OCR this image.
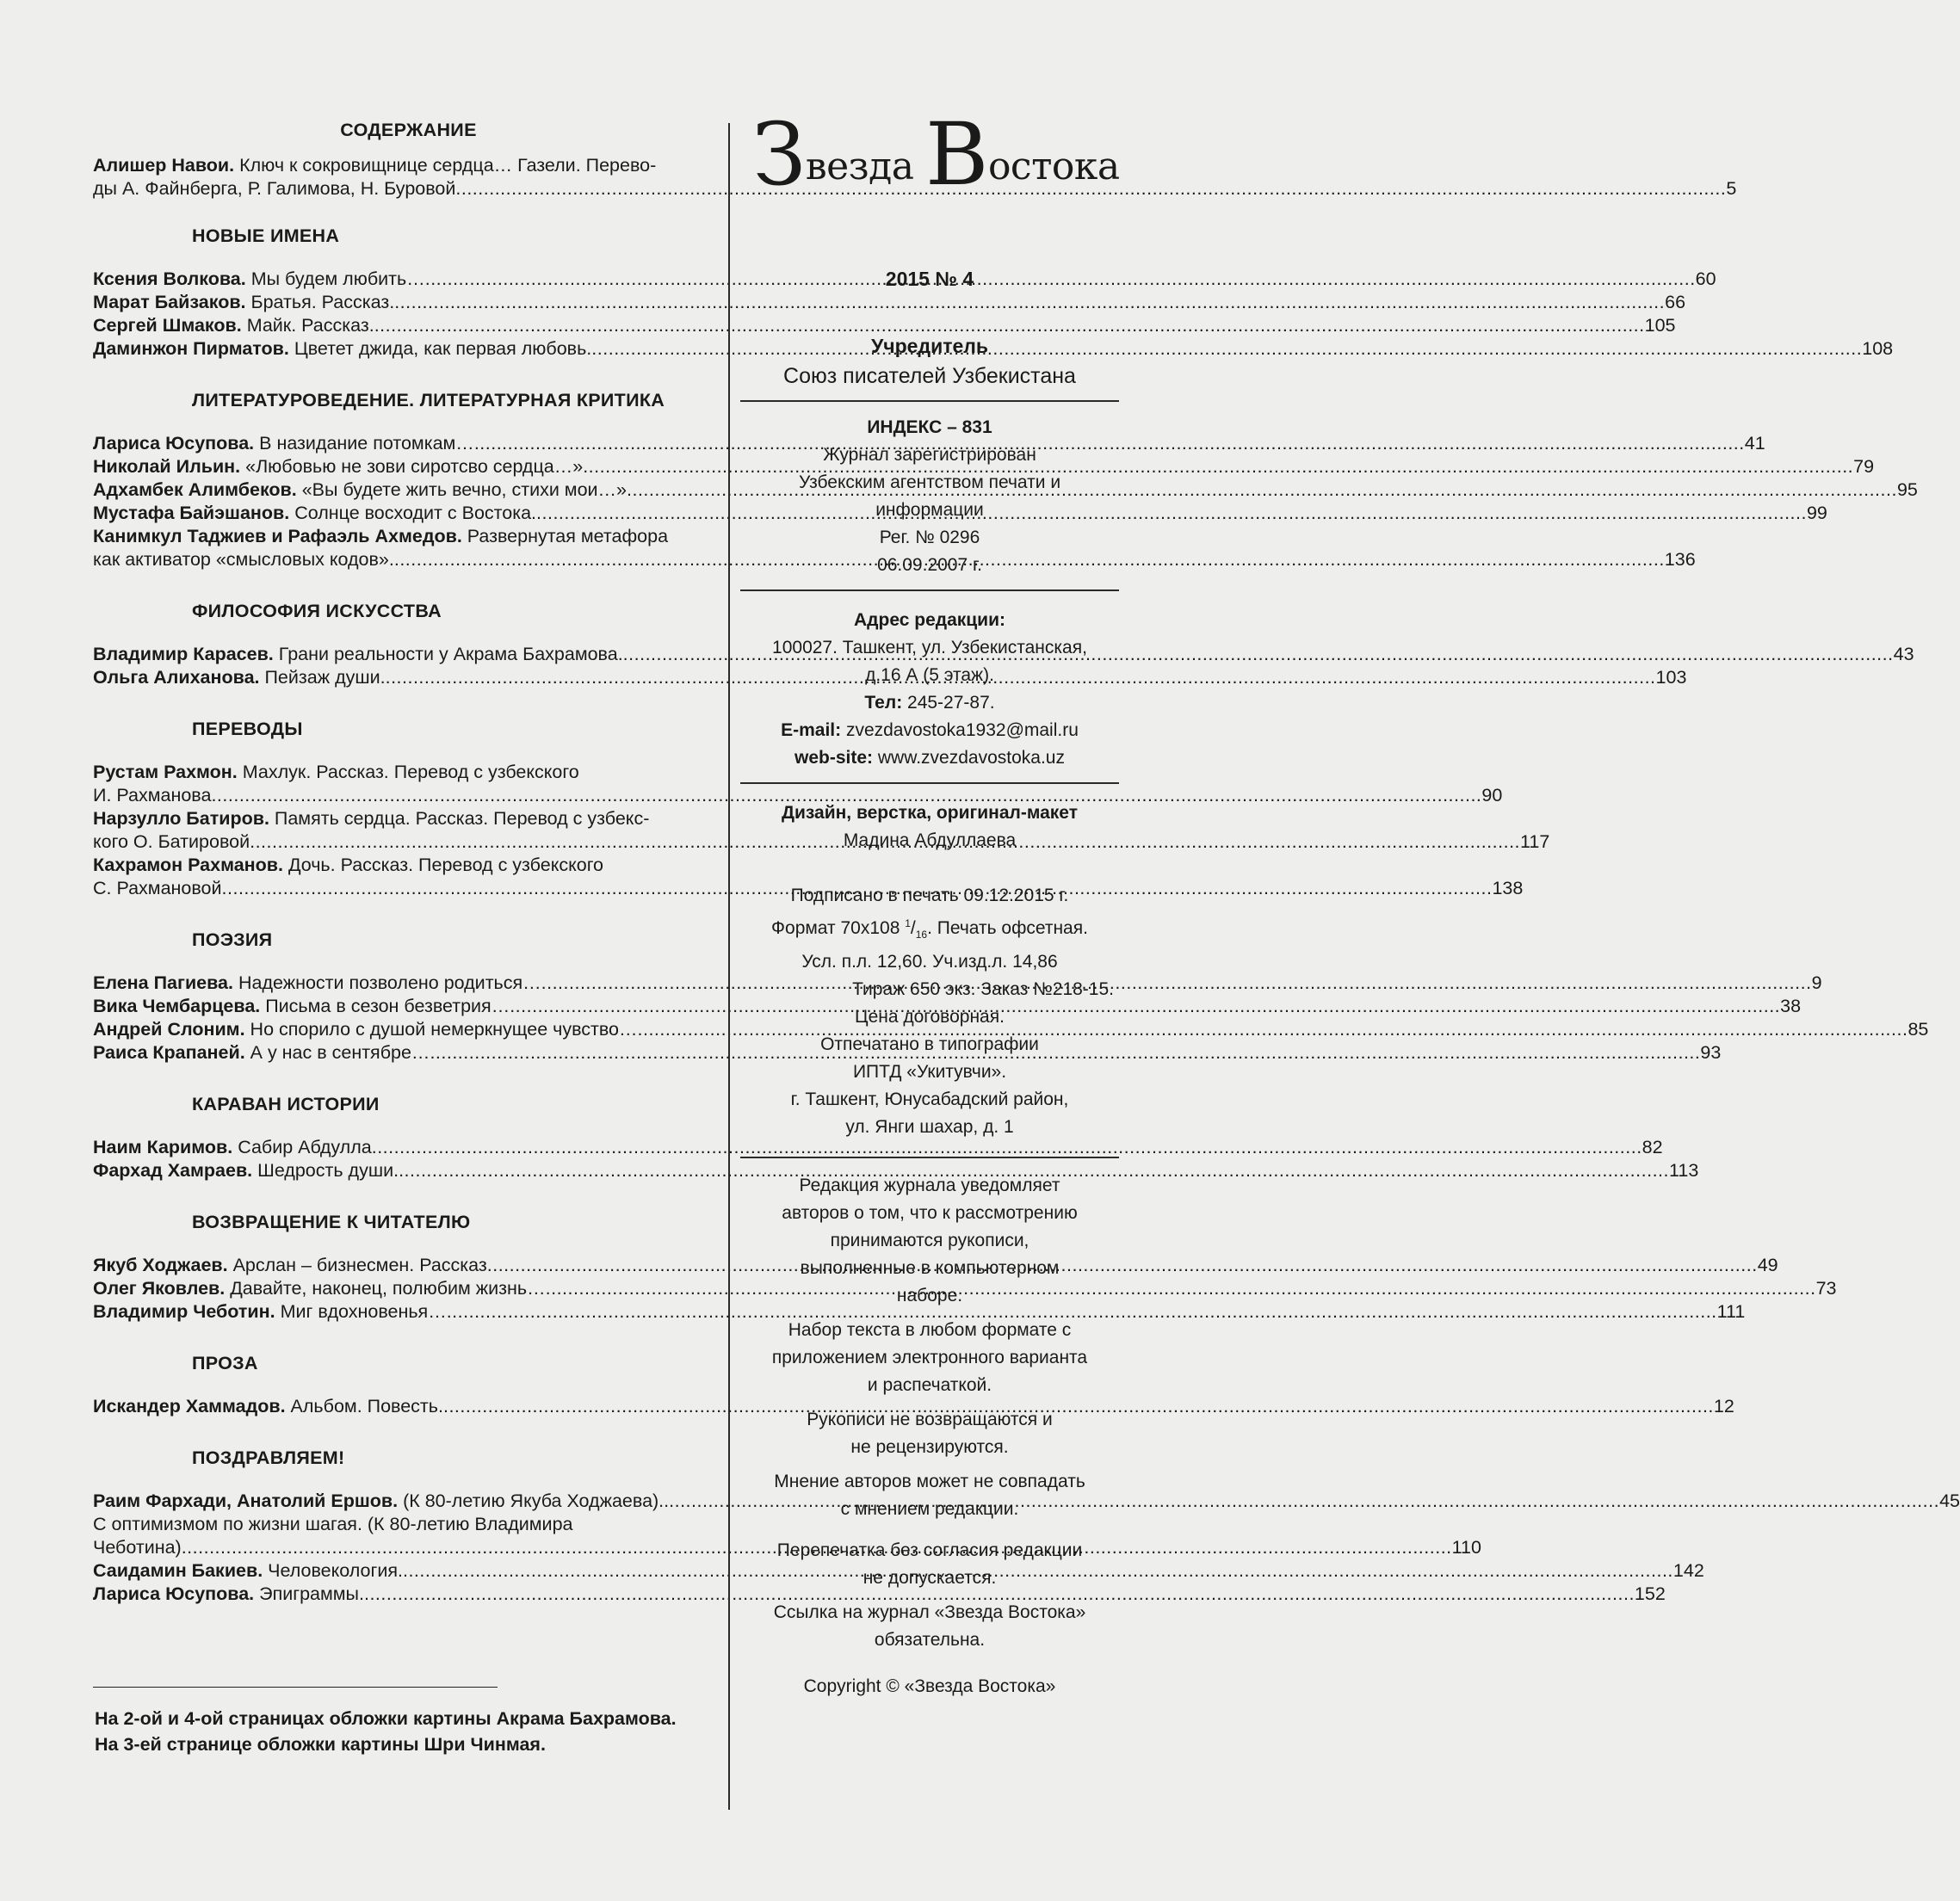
СОДЕРЖАНИЕ
Алишер Навои. Ключ к сокровищнице сердца… Газели. Перево-
ды А. Файнберга, Р. Галимова, Н. Буровой .....	5
НОВЫЕ ИМЕНА
Ксения Волкова. Мы будем любить… .....	60
Марат Байзаков. Братья. Рассказ. .....	66
Сергей Шмаков. Майк. Рассказ. .....	105
Даминжон Пирматов. Цветет джида, как первая любовь. .....	108
ЛИТЕРАТУРОВЕДЕНИЕ. ЛИТЕРАТУРНАЯ КРИТИКА
Лариса Юсупова. В назидание потомкам… .....	41
Николай Ильин. «Любовью не зови сиротсво сердца…» .....	79
Адхамбек Алимбеков. «Вы будете жить вечно, стихи мои…» .....	95
Мустафа Байэшанов. Солнце восходит с Востока. .....	99
Канимкул Таджиев и Рафаэль Ахмедов. Развернутая метафора
как активатор «смысловых кодов». .....	136
ФИЛОСОФИЯ ИСКУССТВА
Владимир Карасев. Грани реальности у Акрама Бахрамова. .....	43
Ольга Алиханова. Пейзаж души. .....	103
ПЕРЕВОДЫ
Рустам Рахмон. Махлук. Рассказ. Перевод с узбекского
И. Рахманова .....	90
Нарзулло Батиров. Память сердца. Рассказ. Перевод с узбекс-
кого О. Батировой .....	117
Кахрамон Рахманов. Дочь. Рассказ. Перевод с узбекского
С. Рахмановой .....	138
ПОЭЗИЯ
Елена Пагиева. Надежности позволено родиться… .....	9
Вика Чембарцева. Письма в сезон безветрия… .....	38
Андрей Слоним. Но спорило с душой немеркнущее чувство… .....	85
Раиса Крапаней. А у нас в сентябре… .....	93
КАРАВАН ИСТОРИИ
Наим Каримов. Сабир Абдулла .....	82
Фархад Хамраев. Шедрость души. .....	113
ВОЗВРАЩЕНИЕ К ЧИТАТЕЛЮ
Якуб Ходжаев. Арслан – бизнесмен. Рассказ .....	49
Олег Яковлев. Давайте, наконец, полюбим жизнь… .....	73
Владимир Чеботин. Миг вдохновенья… .....	111
ПРОЗА
Искандер Хаммадов. Альбом. Повесть. .....	12
ПОЗДРАВЛЯЕМ!
Раим Фархади, Анатолий Ершов. (К 80-летию Якуба Ходжаева).. .....	45
С оптимизмом по жизни шагая. (К 80-летию Владимира
Чеботина) .....	110
Саидамин Бакиев. Человекология. .....	142
Лариса Юсупова. Эпиграммы. .....	152
На 2-ой и 4-ой страницах обложки картины Акрама Бахрамова.
На 3-ей странице обложки картины Шри Чинмая.
Звезда Востока
2015 № 4
Учредитель
Союз писателей Узбекистана
ИНДЕКС – 831
Журнал зарегистрирован
Узбекским агентством печати и
информации
Рег. № 0296
06.09.2007 г.
Адрес редакции:
100027. Ташкент, ул. Узбекистанская,
д.16 А (5 этаж).
Тел: 245-27-87.
E-mail: zvezdavostoka1932@mail.ru
web-site: www.zvezdavostoka.uz
Дизайн, верстка, оригинал-макет
Мадина Абдуллаева
Подписано в печать 09.12.2015 г.
Формат 70х108 $^1/_{16}$. Печать офсетная.
Усл. п.л. 12,60. Уч.изд.л. 14,86
Тираж 650 экз. Заказ №218-15.
Цена договорная.
Отпечатано в типографии
ИПТД «Укитувчи».
г. Ташкент, Юнусабадский район,
ул. Янги шахар, д. 1
Редакция журнала уведомляет
авторов о том, что к рассмотрению
принимаются рукописи,
выполненные в компьютерном
наборе.
Набор текста в любом формате с
приложением электронного варианта
и распечаткой.
Рукописи не возвращаются и
не рецензируются.
Мнение авторов может не совпадать
с мнением редакции.
Перепечатка без согласия редакции
не допускается.
Ссылка на журнал «Звезда Востока»
обязательна.
Copyright © «Звезда Востока»
